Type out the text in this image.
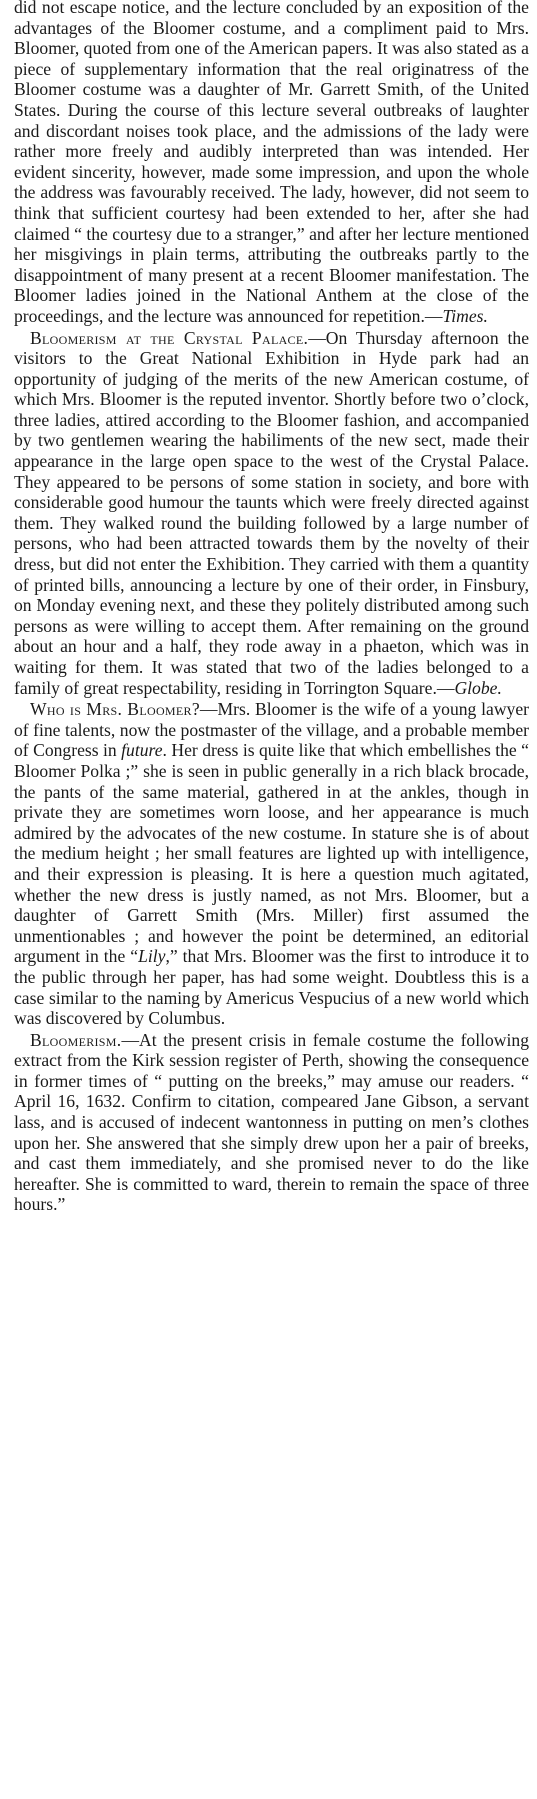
did not escape notice, and the lecture concluded by an exposition of the advantages of the Bloomer costume, and a compliment paid to Mrs. Bloomer, quoted from one of the American papers. It was also stated as a piece of supplementary information that the real originatress of the Bloomer costume was a daughter of Mr. Garrett Smith, of the United States. During the course of this lecture several outbreaks of laughter and discordant noises took place, and the admissions of the lady were rather more freely and audibly interpreted than was intended. Her evident sincerity, however, made some impression, and upon the whole the address was favourably received. The lady, however, did not seem to think that sufficient courtesy had been extended to her, after she had claimed “ the courtesy due to a stranger,” and after her lecture mentioned her misgivings in plain terms, attributing the outbreaks partly to the disappointment of many present at a recent Bloomer manifestation. The Bloomer ladies joined in the National Anthem at the close of the proceedings, and the lecture was announced for repetition.—Times.

Bloomerism at the Crystal Palace.—On Thursday afternoon the visitors to the Great National Exhibition in Hyde park had an opportunity of judging of the merits of the new American costume, of which Mrs. Bloomer is the reputed inventor. Shortly before two o’clock, three ladies, attired according to the Bloomer fashion, and accompanied by two gentlemen wearing the habiliments of the new sect, made their appearance in the large open space to the west of the Crystal Palace. They appeared to be persons of some station in society, and bore with considerable good humour the taunts which were freely directed against them. They walked round the building followed by a large number of persons, who had been attracted towards them by the novelty of their dress, but did not enter the Exhibition. They carried with them a quantity of printed bills, announcing a lecture by one of their order, in Finsbury, on Monday evening next, and these they politely distributed among such persons as were willing to accept them. After remaining on the ground about an hour and a half, they rode away in a phaeton, which was in waiting for them. It was stated that two of the ladies belonged to a family of great respectability, residing in Torrington Square.—Globe.

Who is Mrs. Bloomer?—Mrs. Bloomer is the wife of a young lawyer of fine talents, now the postmaster of the village, and a probable member of Congress in future. Her dress is quite like that which embellishes the “ Bloomer Polka ;” she is seen in public generally in a rich black brocade, the pants of the same material, gathered in at the ankles, though in private they are sometimes worn loose, and her appearance is much admired by the advocates of the new costume. In stature she is of about the medium height ; her small features are lighted up with intelligence, and their expression is pleasing. It is here a question much agitated, whether the new dress is justly named, as not Mrs. Bloomer, but a daughter of Garrett Smith (Mrs. Miller) first assumed the unmentionables ; and however the point be determined, an editorial argument in the “Lily,” that Mrs. Bloomer was the first to introduce it to the public through her paper, has had some weight. Doubtless this is a case similar to the naming by Americus Vespucius of a new world which was discovered by Columbus.

Bloomerism.—At the present crisis in female costume the following extract from the Kirk session register of Perth, showing the consequence in former times of “ putting on the breeks,” may amuse our readers. “ April 16, 1632. Confirm to citation, compeared Jane Gibson, a servant lass, and is accused of indecent wantonness in putting on men’s clothes upon her. She answered that she simply drew upon her a pair of breeks, and cast them immediately, and she promised never to do the like hereafter. She is committed to ward, therein to remain the space of three hours.”
